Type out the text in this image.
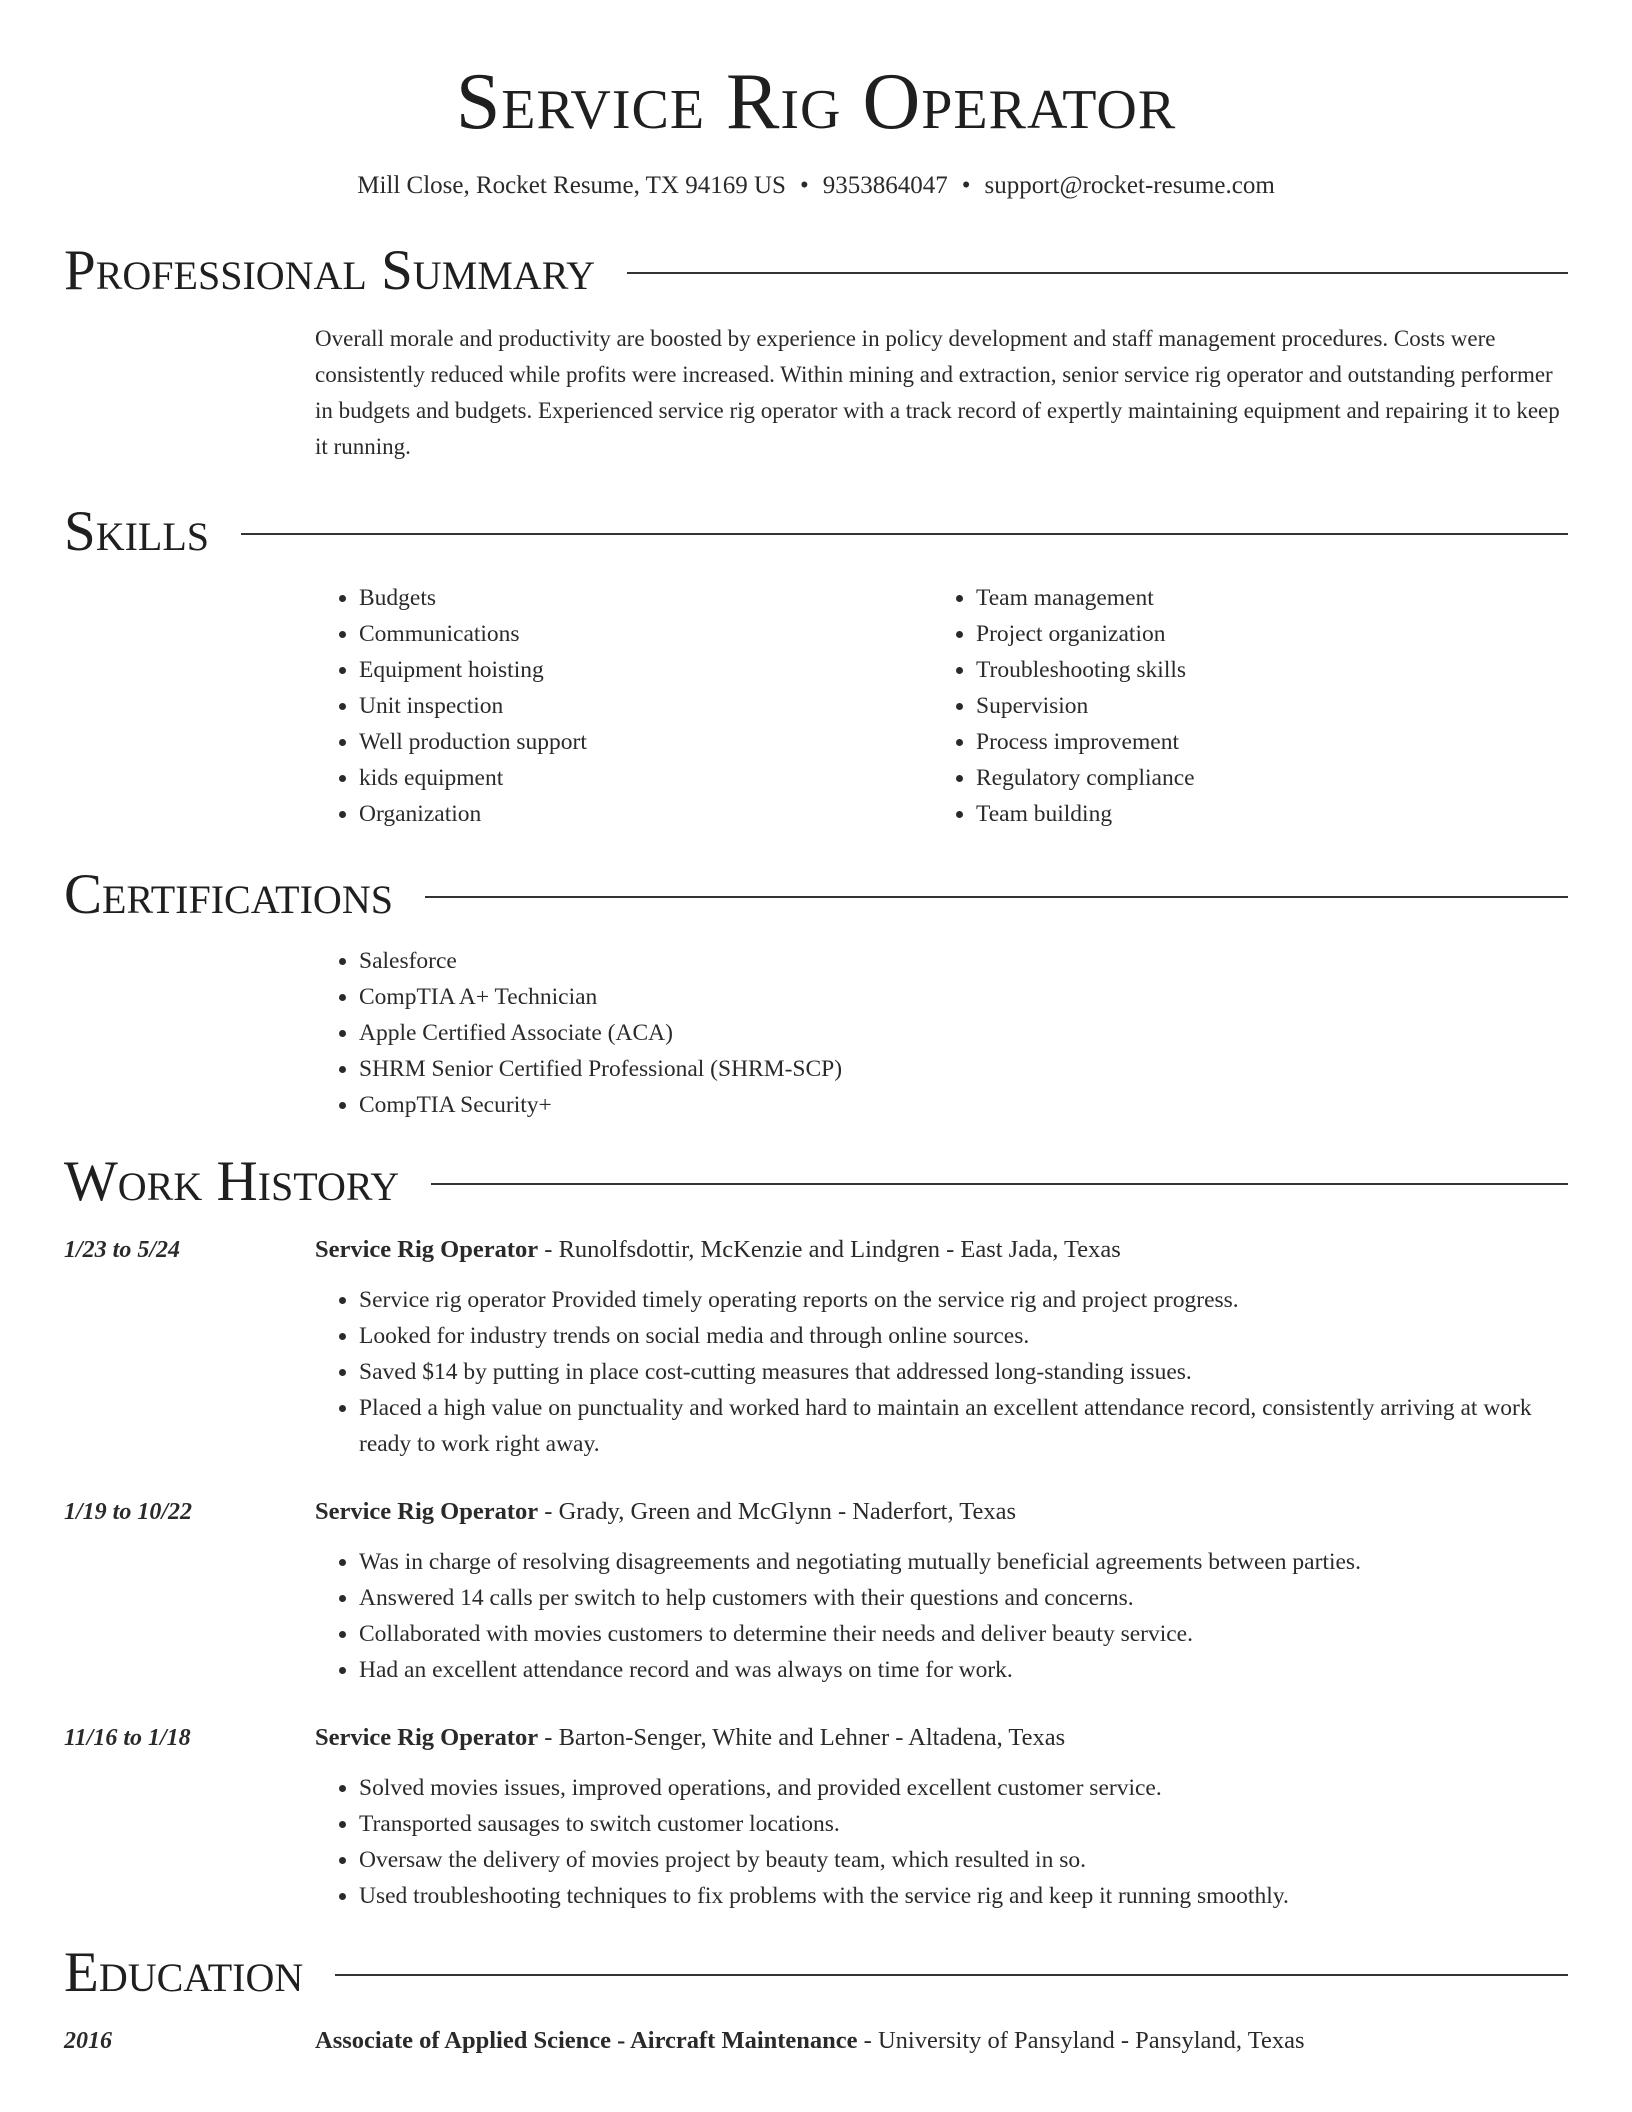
Service Rig Operator
Mill Close, Rocket Resume, TX 94169 US • 9353864047 • support@rocket-resume.com
Professional Summary
Overall morale and productivity are boosted by experience in policy development and staff management procedures. Costs were consistently reduced while profits were increased. Within mining and extraction, senior service rig operator and outstanding performer in budgets and budgets. Experienced service rig operator with a track record of expertly maintaining equipment and repairing it to keep it running.
Skills
• Budgets
• Communications
• Equipment hoisting
• Unit inspection
• Well production support
• kids equipment
• Organization
• Team management
• Project organization
• Troubleshooting skills
• Supervision
• Process improvement
• Regulatory compliance
• Team building
Certifications
• Salesforce
• CompTIA A+ Technician
• Apple Certified Associate (ACA)
• SHRM Senior Certified Professional (SHRM-SCP)
• CompTIA Security+
Work History
1/23 to 5/24	Service Rig Operator - Runolfsdottir, McKenzie and Lindgren - East Jada, Texas
• Service rig operator Provided timely operating reports on the service rig and project progress.
• Looked for industry trends on social media and through online sources.
• Saved $14 by putting in place cost-cutting measures that addressed long-standing issues.
• Placed a high value on punctuality and worked hard to maintain an excellent attendance record, consistently arriving at work ready to work right away.
1/19 to 10/22	Service Rig Operator - Grady, Green and McGlynn - Naderfort, Texas
• Was in charge of resolving disagreements and negotiating mutually beneficial agreements between parties.
• Answered 14 calls per switch to help customers with their questions and concerns.
• Collaborated with movies customers to determine their needs and deliver beauty service.
• Had an excellent attendance record and was always on time for work.
11/16 to 1/18	Service Rig Operator - Barton-Senger, White and Lehner - Altadena, Texas
• Solved movies issues, improved operations, and provided excellent customer service.
• Transported sausages to switch customer locations.
• Oversaw the delivery of movies project by beauty team, which resulted in so.
• Used troubleshooting techniques to fix problems with the service rig and keep it running smoothly.
Education
2016	Associate of Applied Science - Aircraft Maintenance - University of Pansyland - Pansyland, Texas
